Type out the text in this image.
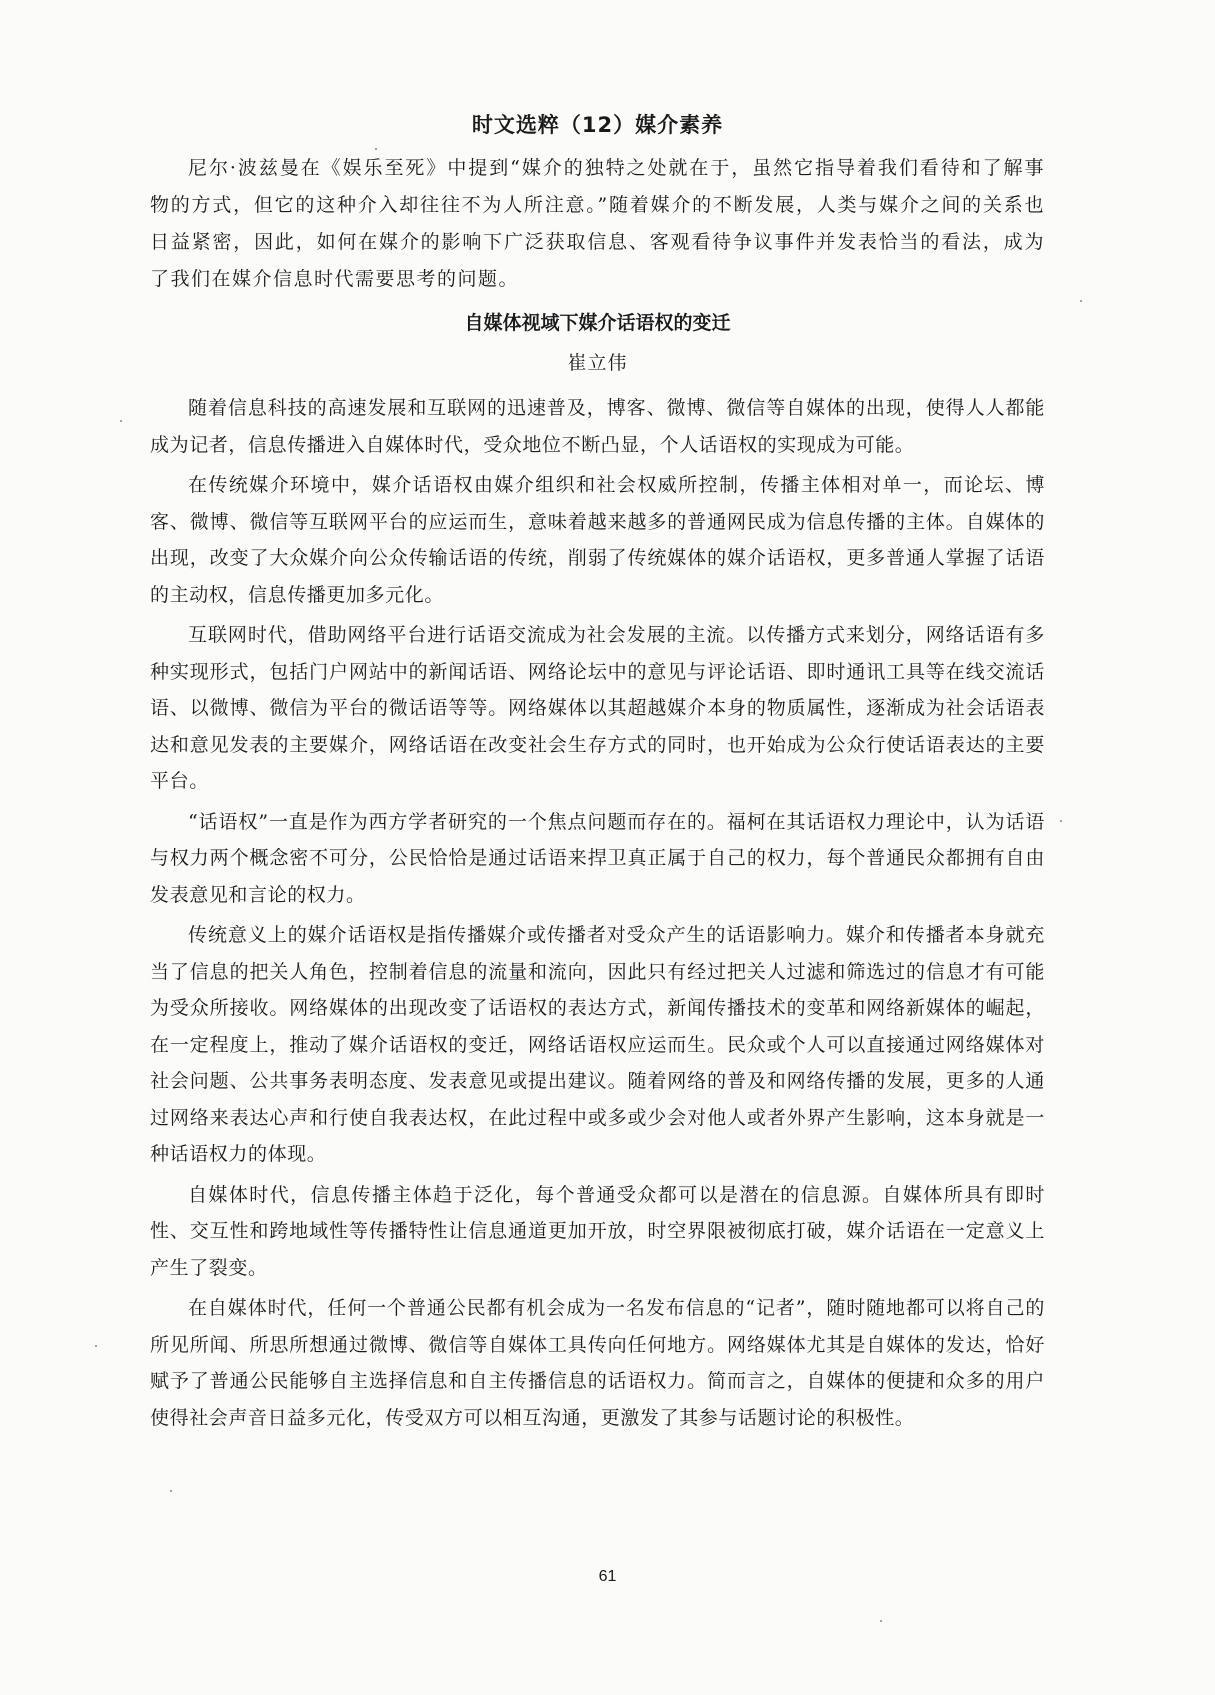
时文选粹（12）媒介素养

尼尔·波兹曼在《娱乐至死》中提到“媒介的独特之处就在于，虽然它指导着我们看待和了解事物的方式，但它的这种介入却往往不为人所注意。”随着媒介的不断发展，人类与媒介之间的关系也日益紧密，因此，如何在媒介的影响下广泛获取信息、客观看待争议事件并发表恰当的看法，成为了我们在媒介信息时代需要思考的问题。

自媒体视域下媒介话语权的变迁
崔立伟

随着信息科技的高速发展和互联网的迅速普及，博客、微博、微信等自媒体的出现，使得人人都能成为记者，信息传播进入自媒体时代，受众地位不断凸显，个人话语权的实现成为可能。

在传统媒介环境中，媒介话语权由媒介组织和社会权威所控制，传播主体相对单一，而论坛、博客、微博、微信等互联网平台的应运而生，意味着越来越多的普通网民成为信息传播的主体。自媒体的出现，改变了大众媒介向公众传输话语的传统，削弱了传统媒体的媒介话语权，更多普通人掌握了话语的主动权，信息传播更加多元化。

互联网时代，借助网络平台进行话语交流成为社会发展的主流。以传播方式来划分，网络话语有多种实现形式，包括门户网站中的新闻话语、网络论坛中的意见与评论话语、即时通讯工具等在线交流话语、以微博、微信为平台的微话语等等。网络媒体以其超越媒介本身的物质属性，逐渐成为社会话语表达和意见发表的主要媒介，网络话语在改变社会生存方式的同时，也开始成为公众行使话语表达的主要平台。

“话语权”一直是作为西方学者研究的一个焦点问题而存在的。福柯在其话语权力理论中，认为话语与权力两个概念密不可分，公民恰恰是通过话语来捍卫真正属于自己的权力，每个普通民众都拥有自由发表意见和言论的权力。

传统意义上的媒介话语权是指传播媒介或传播者对受众产生的话语影响力。媒介和传播者本身就充当了信息的把关人角色，控制着信息的流量和流向，因此只有经过把关人过滤和筛选过的信息才有可能为受众所接收。网络媒体的出现改变了话语权的表达方式，新闻传播技术的变革和网络新媒体的崛起，在一定程度上，推动了媒介话语权的变迁，网络话语权应运而生。民众或个人可以直接通过网络媒体对社会问题、公共事务表明态度、发表意见或提出建议。随着网络的普及和网络传播的发展，更多的人通过网络来表达心声和行使自我表达权，在此过程中或多或少会对他人或者外界产生影响，这本身就是一种话语权力的体现。

自媒体时代，信息传播主体趋于泛化，每个普通受众都可以是潜在的信息源。自媒体所具有即时性、交互性和跨地域性等传播特性让信息通道更加开放，时空界限被彻底打破，媒介话语在一定意义上产生了裂变。

在自媒体时代，任何一个普通公民都有机会成为一名发布信息的“记者”，随时随地都可以将自己的所见所闻、所思所想通过微博、微信等自媒体工具传向任何地方。网络媒体尤其是自媒体的发达，恰好赋予了普通公民能够自主选择信息和自主传播信息的话语权力。简而言之，自媒体的便捷和众多的用户使得社会声音日益多元化，传受双方可以相互沟通，更激发了其参与话题讨论的积极性。

61
